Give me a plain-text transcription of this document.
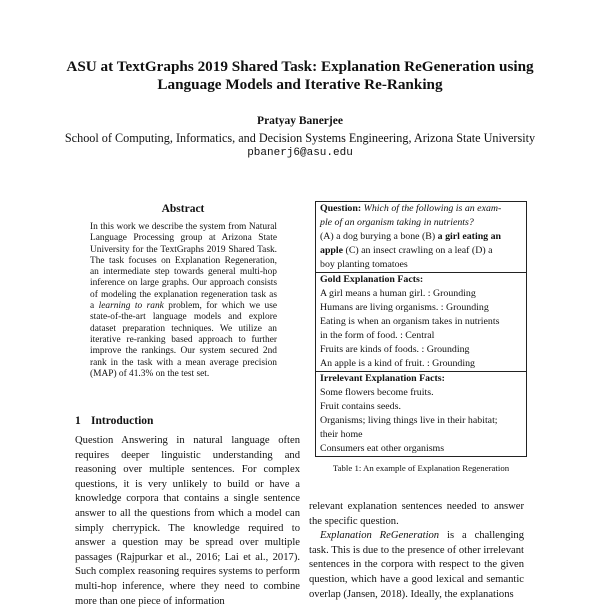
ASU at TextGraphs 2019 Shared Task: Explanation ReGeneration using
Language Models and Iterative Re-Ranking
Pratyay Banerjee
School of Computing, Informatics, and Decision Systems Engineering, Arizona State University
pbanerj6@asu.edu
Abstract

In this work we describe the system from Natural Language Processing group at Arizona State University for the TextGraphs 2019 Shared Task. The task focuses on Explanation Regeneration, an intermediate step towards general multi-hop inference on large graphs. Our approach consists of modeling the explanation regeneration task as a learning to rank problem, for which we use state-of-the-art language models and explore dataset preparation techniques. We utilize an iterative re-ranking based approach to further improve the rankings. Our system secured 2nd rank in the task with a mean average precision (MAP) of 41.3% on the test set.

1 Introduction

Question Answering in natural language often requires deeper linguistic understanding and reasoning over multiple sentences. For complex questions, it is very unlikely to build or have a knowledge corpora that contains a single sentence answer to all the questions from which a model can simply cherrypick. The knowledge required to answer a question may be spread over multiple passages (Rajpurkar et al., 2016; Lai et al., 2017). Such complex reasoning requires systems to perform multi-hop inference, where they need to combine more than one piece of information

Question: Which of the following is an exam-
ple of an organism taking in nutrients?
(A) a dog burying a bone (B) a girl eating an
apple (C) an insect crawling on a leaf (D) a
boy planting tomatoes
Gold Explanation Facts:
A girl means a human girl. : Grounding
Humans are living organisms. : Grounding
Eating is when an organism takes in nutrients
in the form of food. : Central
Fruits are kinds of foods. : Grounding
An apple is a kind of fruit. : Grounding
Irrelevant Explanation Facts:
Some flowers become fruits.
Fruit contains seeds.
Organisms; living things live in their habitat;
their home
Consumers eat other organisms
Table 1: An example of Explanation Regeneration
relevant explanation sentences needed to answer the specific question.
Explanation ReGeneration is a challenging task. This is due to the presence of other irrelevant sentences in the corpora with respect to the given question, which have a good lexical and semantic overlap (Jansen, 2018). Ideally, the explanations
